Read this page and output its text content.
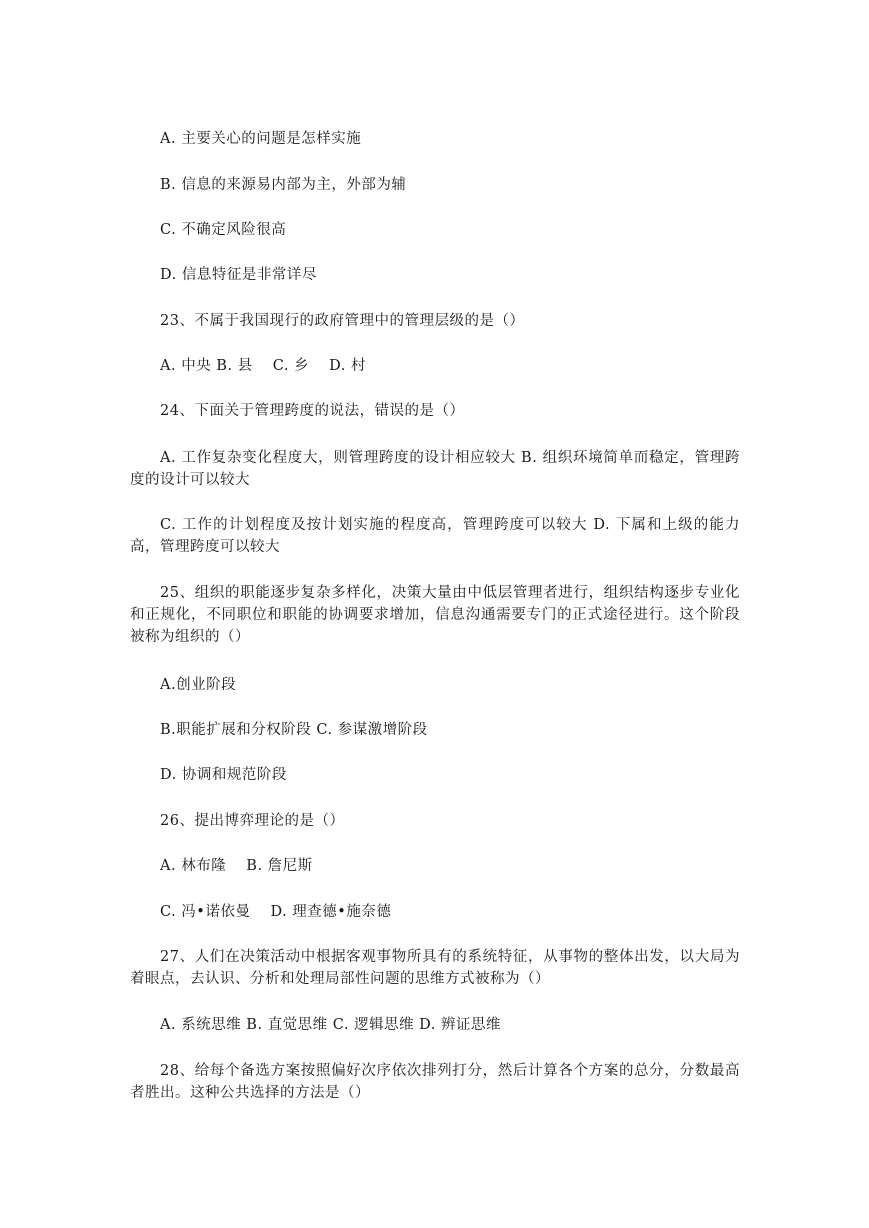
A. 主要关心的问题是怎样实施
B. 信息的来源易内部为主，外部为辅
C. 不确定风险很高
D. 信息特征是非常详尽
23、不属于我国现行的政府管理中的管理层级的是（）
A. 中央 B. 县　 C. 乡　 D. 村
24、下面关于管理跨度的说法，错误的是（）
A. 工作复杂变化程度大，则管理跨度的设计相应较大 B. 组织环境简单而稳定，管理跨度的设计可以较大
C. 工作的计划程度及按计划实施的程度高，管理跨度可以较大 D. 下属和上级的能力高，管理跨度可以较大
25、组织的职能逐步复杂多样化，决策大量由中低层管理者进行，组织结构逐步专业化和正规化，不同职位和职能的协调要求增加，信息沟通需要专门的正式途径进行。这个阶段被称为组织的（）
A.创业阶段
B.职能扩展和分权阶段 C. 参谋激增阶段
D. 协调和规范阶段
26、提出博弈理论的是（）
A. 林布隆　 B. 詹尼斯
C. 冯•诺依曼　 D. 理查德•施奈德
27、人们在决策活动中根据客观事物所具有的系统特征，从事物的整体出发，以大局为着眼点，去认识、分析和处理局部性问题的思维方式被称为（）
A. 系统思维 B. 直觉思维 C. 逻辑思维 D. 辨证思维
28、给每个备选方案按照偏好次序依次排列打分，然后计算各个方案的总分，分数最高者胜出。这种公共选择的方法是（）
